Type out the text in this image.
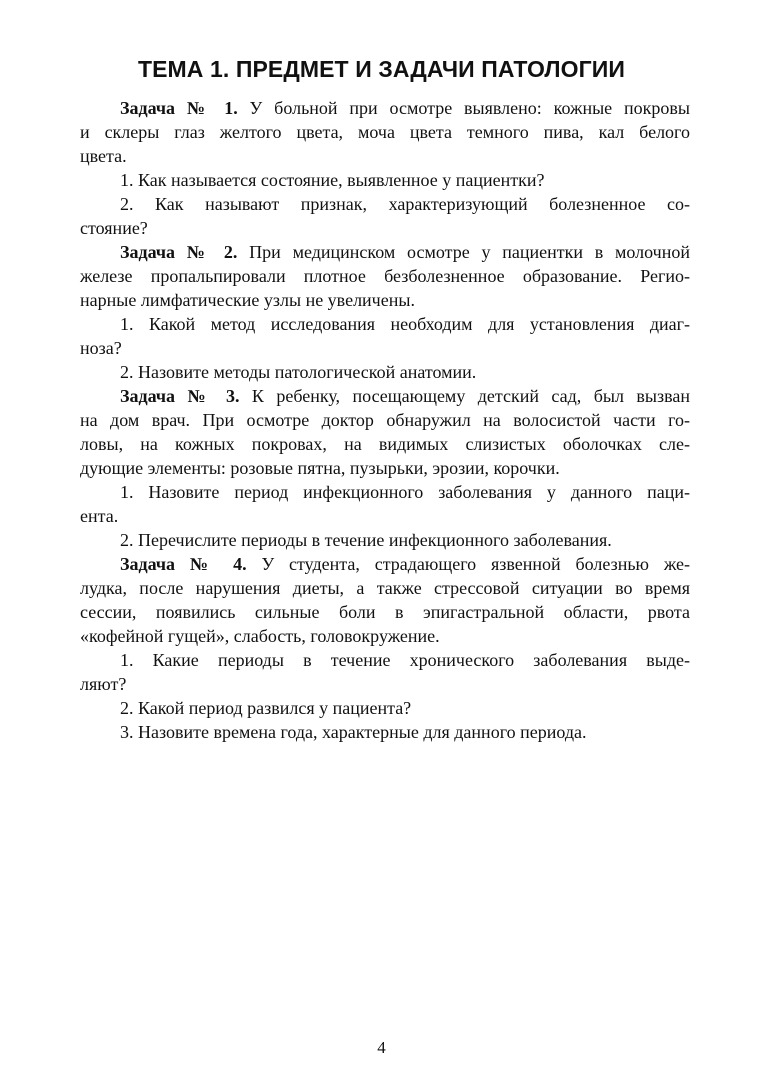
ТЕМА 1. ПРЕДМЕТ И ЗАДАЧИ ПАТОЛОГИИ
Задача № 1. У больной при осмотре выявлено: кожные покровы
и склеры глаз желтого цвета, моча цвета темного пива, кал белого
цвета.
1. Как называется состояние, выявленное у пациентки?
2. Как называют признак, характеризующий болезненное со-
стояние?
Задача № 2. При медицинском осмотре у пациентки в молочной
железе пропальпировали плотное безболезненное образование. Регио-
нарные лимфатические узлы не увеличены.
1. Какой метод исследования необходим для установления диаг-
ноза?
2. Назовите методы патологической анатомии.
Задача № 3. К ребенку, посещающему детский сад, был вызван
на дом врач. При осмотре доктор обнаружил на волосистой части го-
ловы, на кожных покровах, на видимых слизистых оболочках сле-
дующие элементы: розовые пятна, пузырьки, эрозии, корочки.
1. Назовите период инфекционного заболевания у данного паци-
ента.
2. Перечислите периоды в течение инфекционного заболевания.
Задача № 4. У студента, страдающего язвенной болезнью же-
лудка, после нарушения диеты, а также стрессовой ситуации во время
сессии, появились сильные боли в эпигастральной области, рвота
«кофейной гущей», слабость, головокружение.
1. Какие периоды в течение хронического заболевания выде-
ляют?
2. Какой период развился у пациента?
3. Назовите времена года, характерные для данного периода.
4
